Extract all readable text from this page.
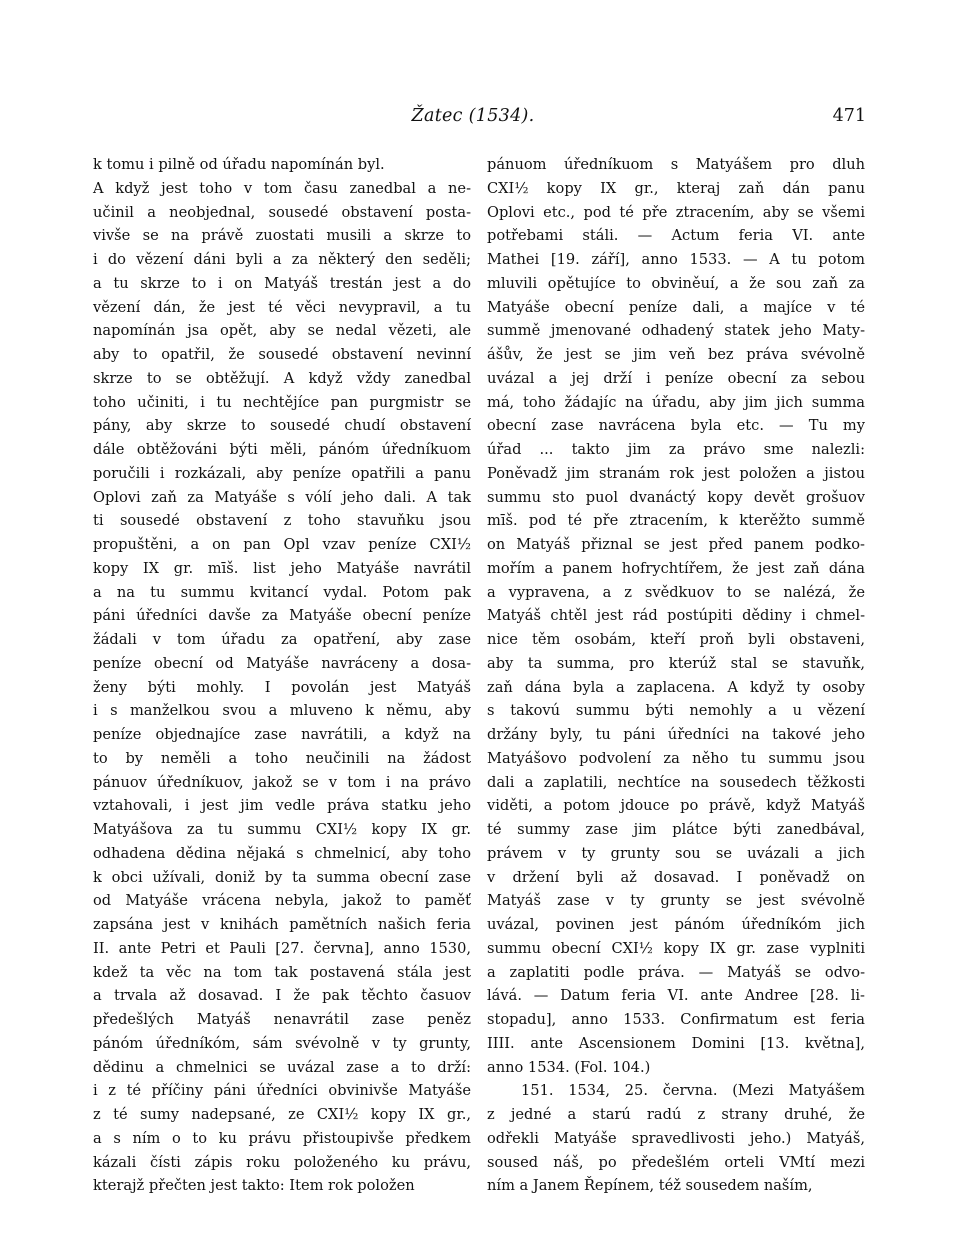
Žatec (1534).	471
k tomu i pilně od úřadu napomínán byl.
A když jest toho v tom času zanedbal a ne-
učinil a neobjednal, sousedé obstavení posta-
vivše se na právě zuostati musili a skrze to
i do vězení dáni byli a za některý den seděli;
a tu skrze to i on Matyáš trestán jest a do
vězení dán, že jest té věci nevypravil, a tu
napomínán jsa opět, aby se nedal vězeti, ale
aby to opatřil, že sousedé obstavení nevinní
skrze to se obtěžují. A když vždy zanedbal
toho učiniti, i tu nechtějíce pan purgmistr se
pány, aby skrze to sousedé chudí obstavení
dále obtěžováni býti měli, pánóm úředníkuom
poručili i rozkázali, aby peníze opatřili a panu
Oplovi zaň za Matyáše s vólí jeho dali. A tak
ti sousedé obstavení z toho stavuňku jsou
propuštěni, a on pan Opl vzav peníze CXI½
kopy IX gr. mīš. list jeho Matyáše navrátil
a na tu summu kvitancí vydal. Potom pak
páni úředníci davše za Matyáše obecní peníze
žádali v tom úřadu za opatření, aby zase
peníze obecní od Matyáše navráceny a dosa-
ženy býti mohly. I povolán jest Matyáš
i s manželkou svou a mluveno k němu, aby
peníze objednajíce zase navrátili, a když na
to by neměli a toho neučinili na žádost
pánuov úředníkuov, jakož se v tom i na právo
vztahovali, i jest jim vedle práva statku jeho
Matyášova za tu summu CXI½ kopy IX gr.
odhadena dědina nějaká s chmelnicí, aby toho
k obci užívali, doniž by ta summa obecní zase
od Matyáše vrácena nebyla, jakož to paměť
zapsána jest v knihách pamětních našich feria
II. ante Petri et Pauli [27. června], anno 1530,
kdež ta věc na tom tak postavená stála jest
a trvala až dosavad. I že pak těchto časuov
předešlých Matyáš nenavrátil zase peněz
pánóm úředníkóm, sám svévolně v ty grunty,
dědinu a chmelnici se uvázal zase a to drží:
i z té příčiny páni úředníci obvinivše Matyáše
z té sumy nadepsané, ze CXI½ kopy IX gr.,
a s ním o to ku právu přistoupivše předkem
kázali čísti zápis roku položeného ku právu,
kterajž přečten jest takto: Item rok položen
pánuom úředníkuom s Matyášem pro dluh
CXI½ kopy IX gr., kteraj zaň dán panu
Oplovi etc., pod té pře ztracením, aby se všemi
potřebami stáli. — Actum feria VI. ante
Mathei [19. září], anno 1533. — A tu potom
mluvili opětujíce to obviněuí, a že sou zaň za
Matyáše obecní peníze dali, a majíce v té
summě jmenované odhadený statek jeho Maty-
ášův, že jest se jim veň bez práva svévolně
uvázal a jej drží i peníze obecní za sebou
má, toho žádajíc na úřadu, aby jim jich summa
obecní zase navrácena byla etc. — Tu my
úřad ... takto jim za právo sme nalezli:
Poněvadž jim stranám rok jest položen a jistou
summu sto puol dvanáctý kopy devět grošuov
mīš. pod té pře ztracením, k kterěžto summě
on Matyáš přiznal se jest před panem podko-
mořím a panem hofrychtířem, že jest zaň dána
a vypravena, a z svědkuov to se nalézá, že
Matyáš chtěl jest rád postúpiti dědiny i chmel-
nice těm osobám, kteří proň byli obstaveni,
aby ta summa, pro kterúž stal se stavuňk,
zaň dána byla a zaplacena. A když ty osoby
s takovú summu býti nemohly a u vězení
držány byly, tu páni úředníci na takové jeho
Matyášovo podvolení za něho tu summu jsou
dali a zaplatili, nechtíce na sousedech těžkosti
viděti, a potom jdouce po právě, když Matyáš
té summy zase jim plátce býti zanedbával,
právem v ty grunty sou se uvázali a jich
v držení byli až dosavad. I poněvadž on
Matyáš zase v ty grunty se jest svévolně
uvázal, povinen jest pánóm úředníkóm jich
summu obecní CXI½ kopy IX gr. zase vyplniti
a zaplatiti podle práva. — Matyáš se odvo-
lává. — Datum feria VI. ante Andree [28. li-
stopadu], anno 1533. Confirmatum est feria
IIII. ante Ascensionem Domini [13. května],
anno 1534. (Fol. 104.)
151. 1534, 25. června. (Mezi Matyášem
z jedné a starú radú z strany druhé, že
odřekli Matyáše spravedlivosti jeho.) Matyáš,
soused náš, po předešlém orteli VMtí mezi
ním a Janem Řepínem, též sousedem naším,
